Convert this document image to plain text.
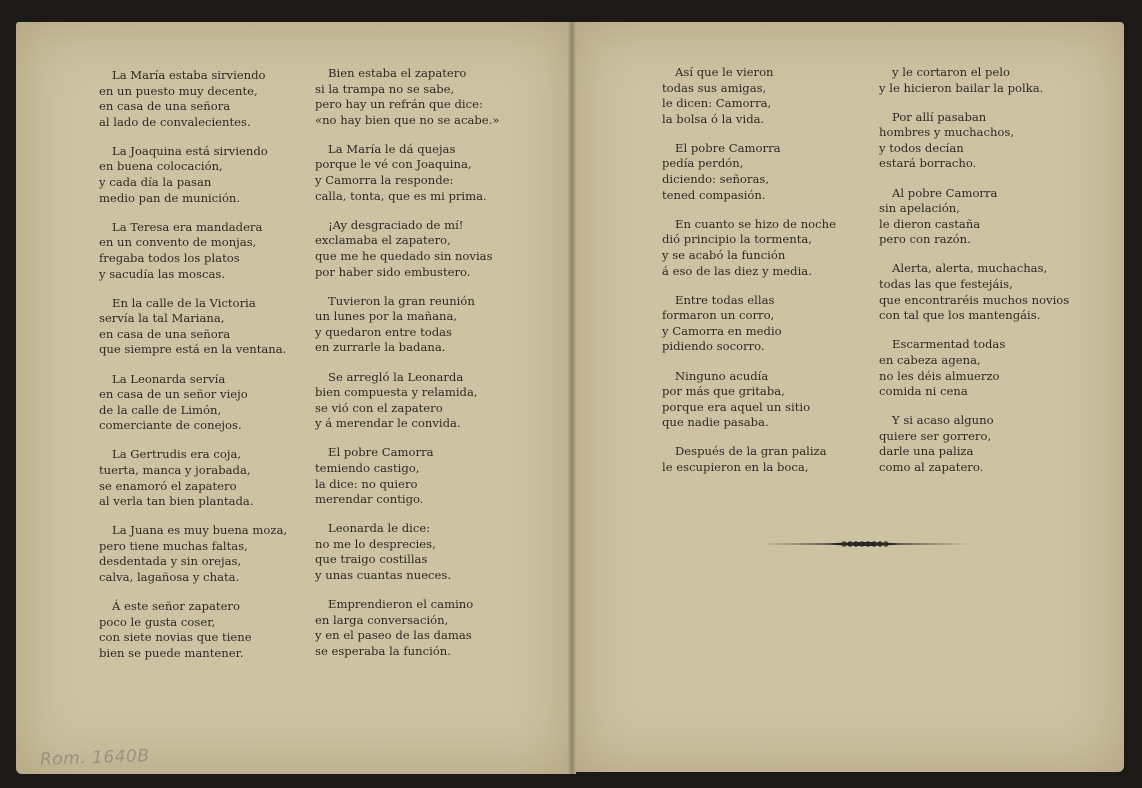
La María estaba sirviendo
en un puesto muy decente,
en casa de una señora
al lado de convalecientes.
La Joaquina está sirviendo
en buena colocación,
y cada día la pasan
medio pan de munición.
La Teresa era mandadera
en un convento de monjas,
fregaba todos los platos
y sacudía las moscas.
En la calle de la Victoria
servía la tal Mariana,
en casa de una señora
que siempre está en la ventana.
La Leonarda servía
en casa de un señor viejo
de la calle de Limón,
comerciante de conejos.
La Gertrudis era coja,
tuerta, manca y jorabada,
se enamoró el zapatero
al verla tan bien plantada.
La Juana es muy buena moza,
pero tiene muchas faltas,
desdentada y sin orejas,
calva, lagañosa y chata.
Á este señor zapatero
poco le gusta coser,
con siete novias que tiene
bien se puede mantener.
Bien estaba el zapatero
si la trampa no se sabe,
pero hay un refrán que dice:
«no hay bien que no se acabe.»
La María le dá quejas
porque le vé con Joaquina,
y Camorra la responde:
calla, tonta, que es mi prima.
¡Ay desgraciado de mí!
exclamaba el zapatero,
que me he quedado sin novias
por haber sido embustero.
Tuvieron la gran reunión
un lunes por la mañana,
y quedaron entre todas
en zurrarle la badana.
Se arregló la Leonarda
bien compuesta y relamida,
se vió con el zapatero
y á merendar le convida.
El pobre Camorra
temiendo castigo,
la dice: no quiero
merendar contigo.
Leonarda le dice:
no me lo desprecies,
que traigo costillas
y unas cuantas nueces.
Emprendieron el camino
en larga conversación,
y en el paseo de las damas
se esperaba la función.
Así que le vieron
todas sus amigas,
le dicen: Camorra,
la bolsa ó la vida.
El pobre Camorra
pedía perdón,
diciendo: señoras,
tened compasión.
En cuanto se hizo de noche
dió principio la tormenta,
y se acabó la función
á eso de las diez y media.
Entre todas ellas
formaron un corro,
y Camorra en medio
pidiendo socorro.
Ninguno acudía
por más que gritaba,
porque era aquel un sitio
que nadie pasaba.
Después de la gran paliza
le escupieron en la boca,
y le cortaron el pelo
y le hicieron bailar la polka.
Por allí pasaban
hombres y muchachos,
y todos decían
estará borracho.
Al pobre Camorra
sin apelación,
le dieron castaña
pero con razón.
Alerta, alerta, muchachas,
todas las que festejáis,
que encontraréis muchos novios
con tal que los mantengáis.
Escarmentad todas
en cabeza agena,
no les déis almuerzo
comida ni cena
Y si acaso alguno
quiere ser gorrero,
darle una paliza
como al zapatero.
Rom. 1640B
